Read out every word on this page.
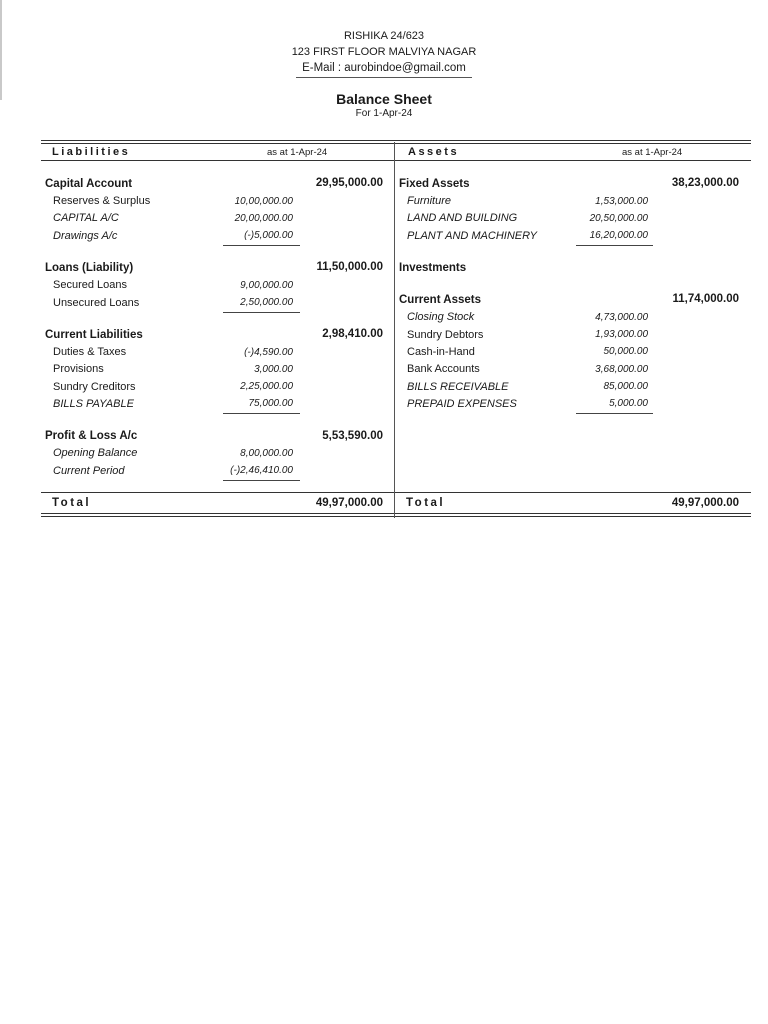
RISHIKA 24/623
123 FIRST FLOOR MALVIYA NAGAR
E-Mail : aurobindoe@gmail.com
Balance Sheet
For 1-Apr-24
Liabilities	as at 1-Apr-24	Assets	as at 1-Apr-24
Capital Account	29,95,000.00
Reserves & Surplus	10,00,000.00
CAPITAL A/C	20,00,000.00
Drawings A/c	(-)5,000.00
Loans (Liability)	11,50,000.00
Secured Loans	9,00,000.00
Unsecured Loans	2,50,000.00
Current Liabilities	2,98,410.00
Duties & Taxes	(-)4,590.00
Provisions	3,000.00
Sundry Creditors	2,25,000.00
BILLS PAYABLE	75,000.00
Profit & Loss A/c	5,53,590.00
Opening Balance	8,00,000.00
Current Period	(-)2,46,410.00
Fixed Assets	38,23,000.00
Furniture	1,53,000.00
LAND AND BUILDING	20,50,000.00
PLANT AND MACHINERY	16,20,000.00
Investments
Current Assets	11,74,000.00
Closing Stock	4,73,000.00
Sundry Debtors	1,93,000.00
Cash-in-Hand	50,000.00
Bank Accounts	3,68,000.00
BILLS RECEIVABLE	85,000.00
PREPAID EXPENSES	5,000.00
Total	49,97,000.00 Total	49,97,000.00
